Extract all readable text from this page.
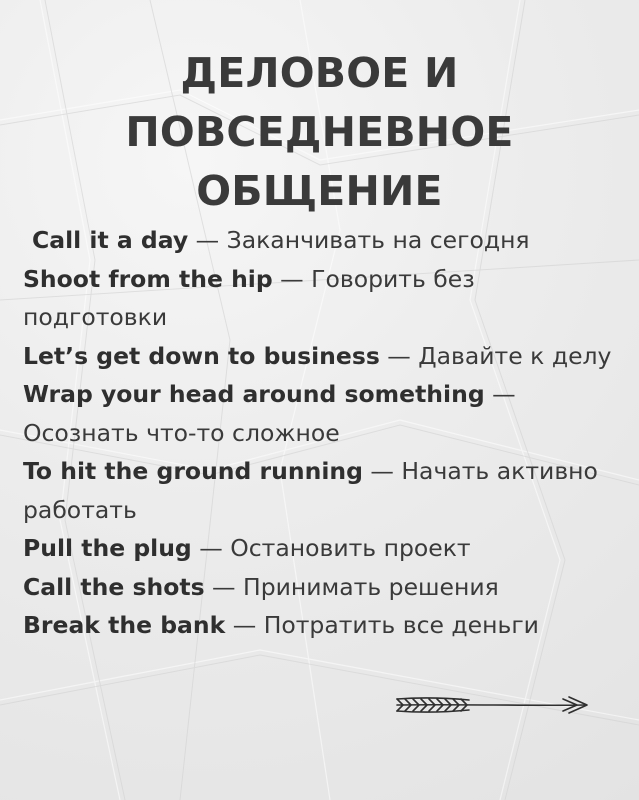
ДЕЛОВОЕ И
ПОВСЕДНЕВНОЕ
ОБЩЕНИЕ
Call it a day — Заканчивать на сегодня
Shoot from the hip — Говорить без подготовки
Let’s get down to business — Давайте к делу
Wrap your head around something — Осознать что-то сложное
To hit the ground running — Начать активно работать
Pull the plug — Остановить проект
Call the shots — Принимать решения
Break the bank — Потратить все деньги
